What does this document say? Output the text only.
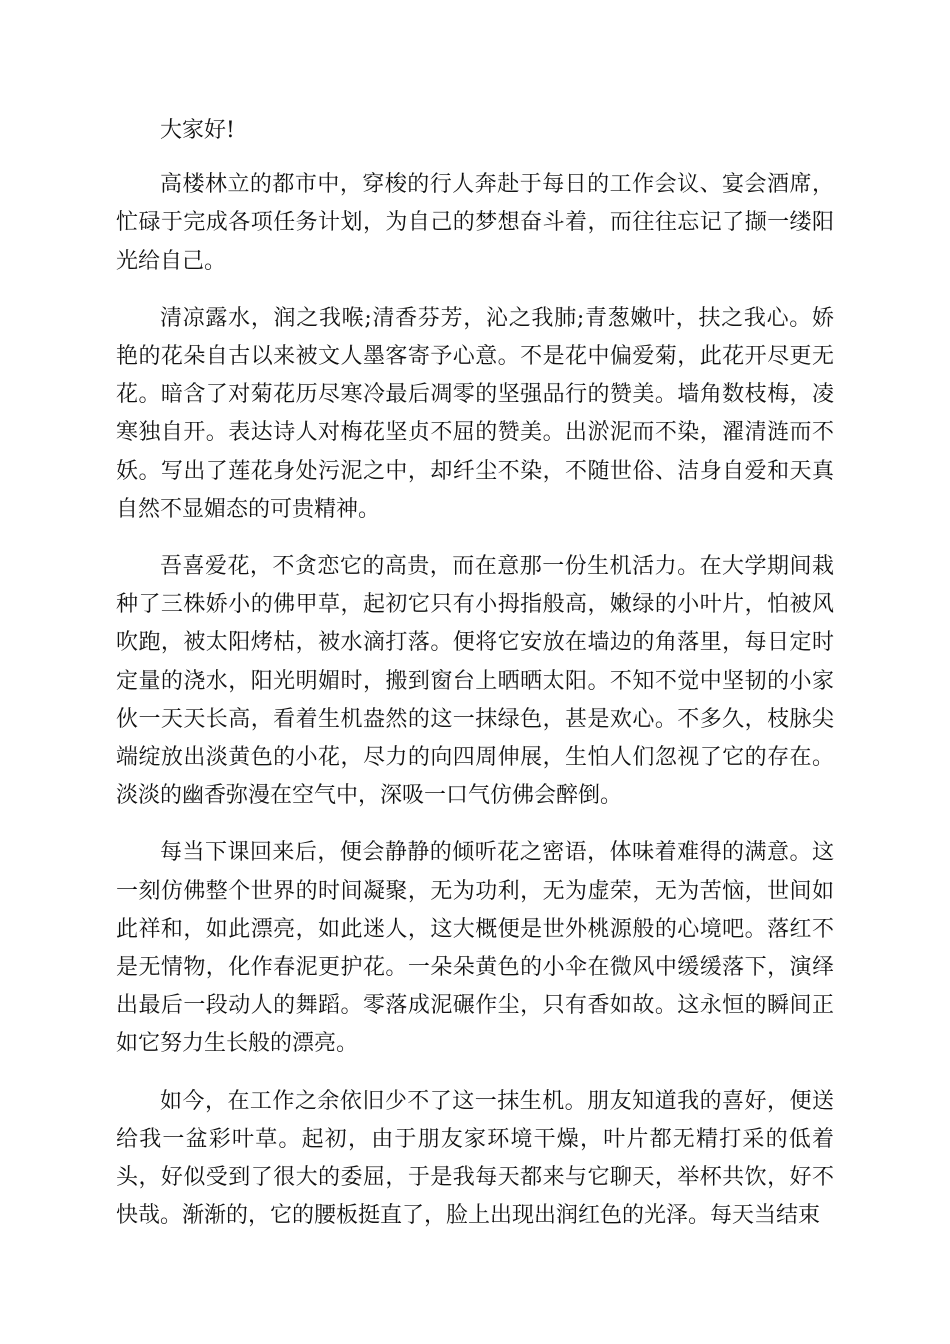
大家好!

高楼林立的都市中，穿梭的行人奔赴于每日的工作会议、宴会酒席，忙碌于完成各项任务计划，为自己的梦想奋斗着，而往往忘记了撷一缕阳光给自己。

清凉露水，润之我喉;清香芬芳，沁之我肺;青葱嫩叶，扶之我心。娇艳的花朵自古以来被文人墨客寄予心意。不是花中偏爱菊，此花开尽更无花。暗含了对菊花历尽寒冷最后凋零的坚强品行的赞美。墙角数枝梅，凌寒独自开。表达诗人对梅花坚贞不屈的赞美。出淤泥而不染，濯清涟而不妖。写出了莲花身处污泥之中，却纤尘不染，不随世俗、洁身自爱和天真自然不显媚态的可贵精神。

吾喜爱花，不贪恋它的高贵，而在意那一份生机活力。在大学期间栽种了三株娇小的佛甲草，起初它只有小拇指般高，嫩绿的小叶片，怕被风吹跑，被太阳烤枯，被水滴打落。便将它安放在墙边的角落里，每日定时定量的浇水，阳光明媚时，搬到窗台上晒晒太阳。不知不觉中坚韧的小家伙一天天长高，看着生机盎然的这一抹绿色，甚是欢心。不多久，枝脉尖端绽放出淡黄色的小花，尽力的向四周伸展，生怕人们忽视了它的存在。淡淡的幽香弥漫在空气中，深吸一口气仿佛会醉倒。

每当下课回来后，便会静静的倾听花之密语，体味着难得的满意。这一刻仿佛整个世界的时间凝聚，无为功利，无为虚荣，无为苦恼，世间如此祥和，如此漂亮，如此迷人，这大概便是世外桃源般的心境吧。落红不是无情物，化作春泥更护花。一朵朵黄色的小伞在微风中缓缓落下，演绎出最后一段动人的舞蹈。零落成泥碾作尘，只有香如故。这永恒的瞬间正如它努力生长般的漂亮。

如今，在工作之余依旧少不了这一抹生机。朋友知道我的喜好，便送给我一盆彩叶草。起初，由于朋友家环境干燥，叶片都无精打采的低着头，好似受到了很大的委屈，于是我每天都来与它聊天，举杯共饮，好不快哉。渐渐的，它的腰板挺直了，脸上出现出润红色的光泽。每天当结束
